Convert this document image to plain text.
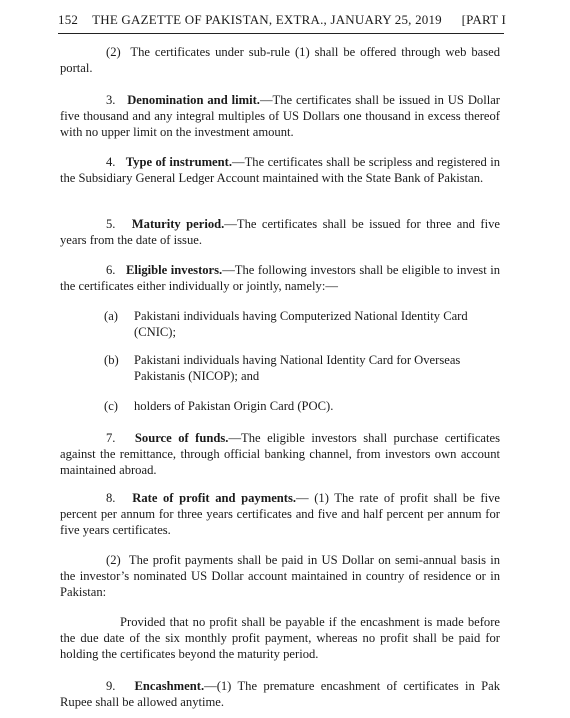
152 THE GAZETTE OF PAKISTAN, EXTRA., JANUARY 25, 2019	[PART I

(2) The certificates under sub-rule (1) shall be offered through web based portal.

3. Denomination and limit.—The certificates shall be issued in US Dollar five thousand and any integral multiples of US Dollars one thousand in excess thereof with no upper limit on the investment amount.

4. Type of instrument.—The certificates shall be scripless and registered in the Subsidiary General Ledger Account maintained with the State Bank of Pakistan.

5. Maturity period.—The certificates shall be issued for three and five years from the date of issue.

6. Eligible investors.—The following investors shall be eligible to invest in the certificates either individually or jointly, namely:—

(a)	Pakistani individuals having Computerized National Identity Card (CNIC);
(b)	Pakistani individuals having National Identity Card for Overseas Pakistanis (NICOP); and
(c)	holders of Pakistan Origin Card (POC).

7. Source of funds.—The eligible investors shall purchase certificates against the remittance, through official banking channel, from investors own account maintained abroad.

8. Rate of profit and payments.— (1) The rate of profit shall be five percent per annum for three years certificates and five and half percent per annum for five years certificates.

(2) The profit payments shall be paid in US Dollar on semi-annual basis in the investor’s nominated US Dollar account maintained in country of residence or in Pakistan:

Provided that no profit shall be payable if the encashment is made before the due date of the six monthly profit payment, whereas no profit shall be paid for holding the certificates beyond the maturity period.

9. Encashment.—(1) The premature encashment of certificates in Pak Rupee shall be allowed anytime.
